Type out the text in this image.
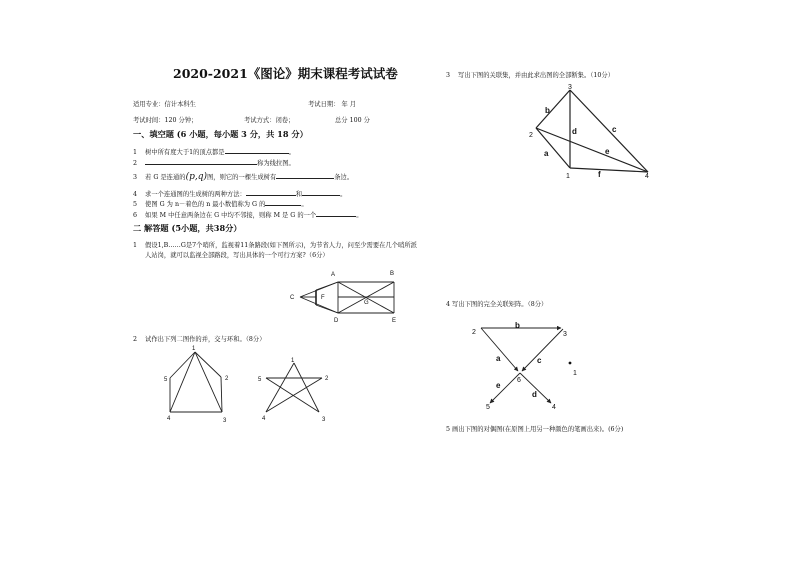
2020-2021《图论》期末课程考试试卷
适用专业：信计本科生	考试日期： 年 月
考试时间：120 分钟；	考试方式：闭卷；	总分 100 分
一、填空题 (6 小题，每小题 3 分，共 18 分）
1 树中所有度大于1的顶点都是	。
2	称为线拉图。
3 若 G 是连通的(p,q)图，则它的一棵生成树有	条边。
4 求一个连通图的生成树的两种方法：	和	。
5 使图 G 为 n－着色的 n 最小数值称为 G 的	。
6 如果 M 中任意两条边在 G 中均不邻接，则称 M 是 G 的一个	。
二 解答题 (5小题，共38分）
1 假设1,B……G是7个哨所，监视着11条路段(如下图所示)，为节省人力，问至少需要在几个哨所派
人站岗，就可以监视全部路段，写出具体的一个可行方案?（6分）
A	B
C	F
G
D	E
2 试作出下列二图作的并，交与环和。（8分）
1
2
3
4
5
1
2
3
4
5
3 写出下图的关联集，并由此求出图的全部断集。（10分）
3
2
1	4
b
d	c
a	e
f
4 写出下图的完全关联矩阵。（8分）
2	3
6
5	4
1
b
a	c
e
d
5 画出下图的对偶图(在原图上用另一种颜色的笔画出来)。(6分)
